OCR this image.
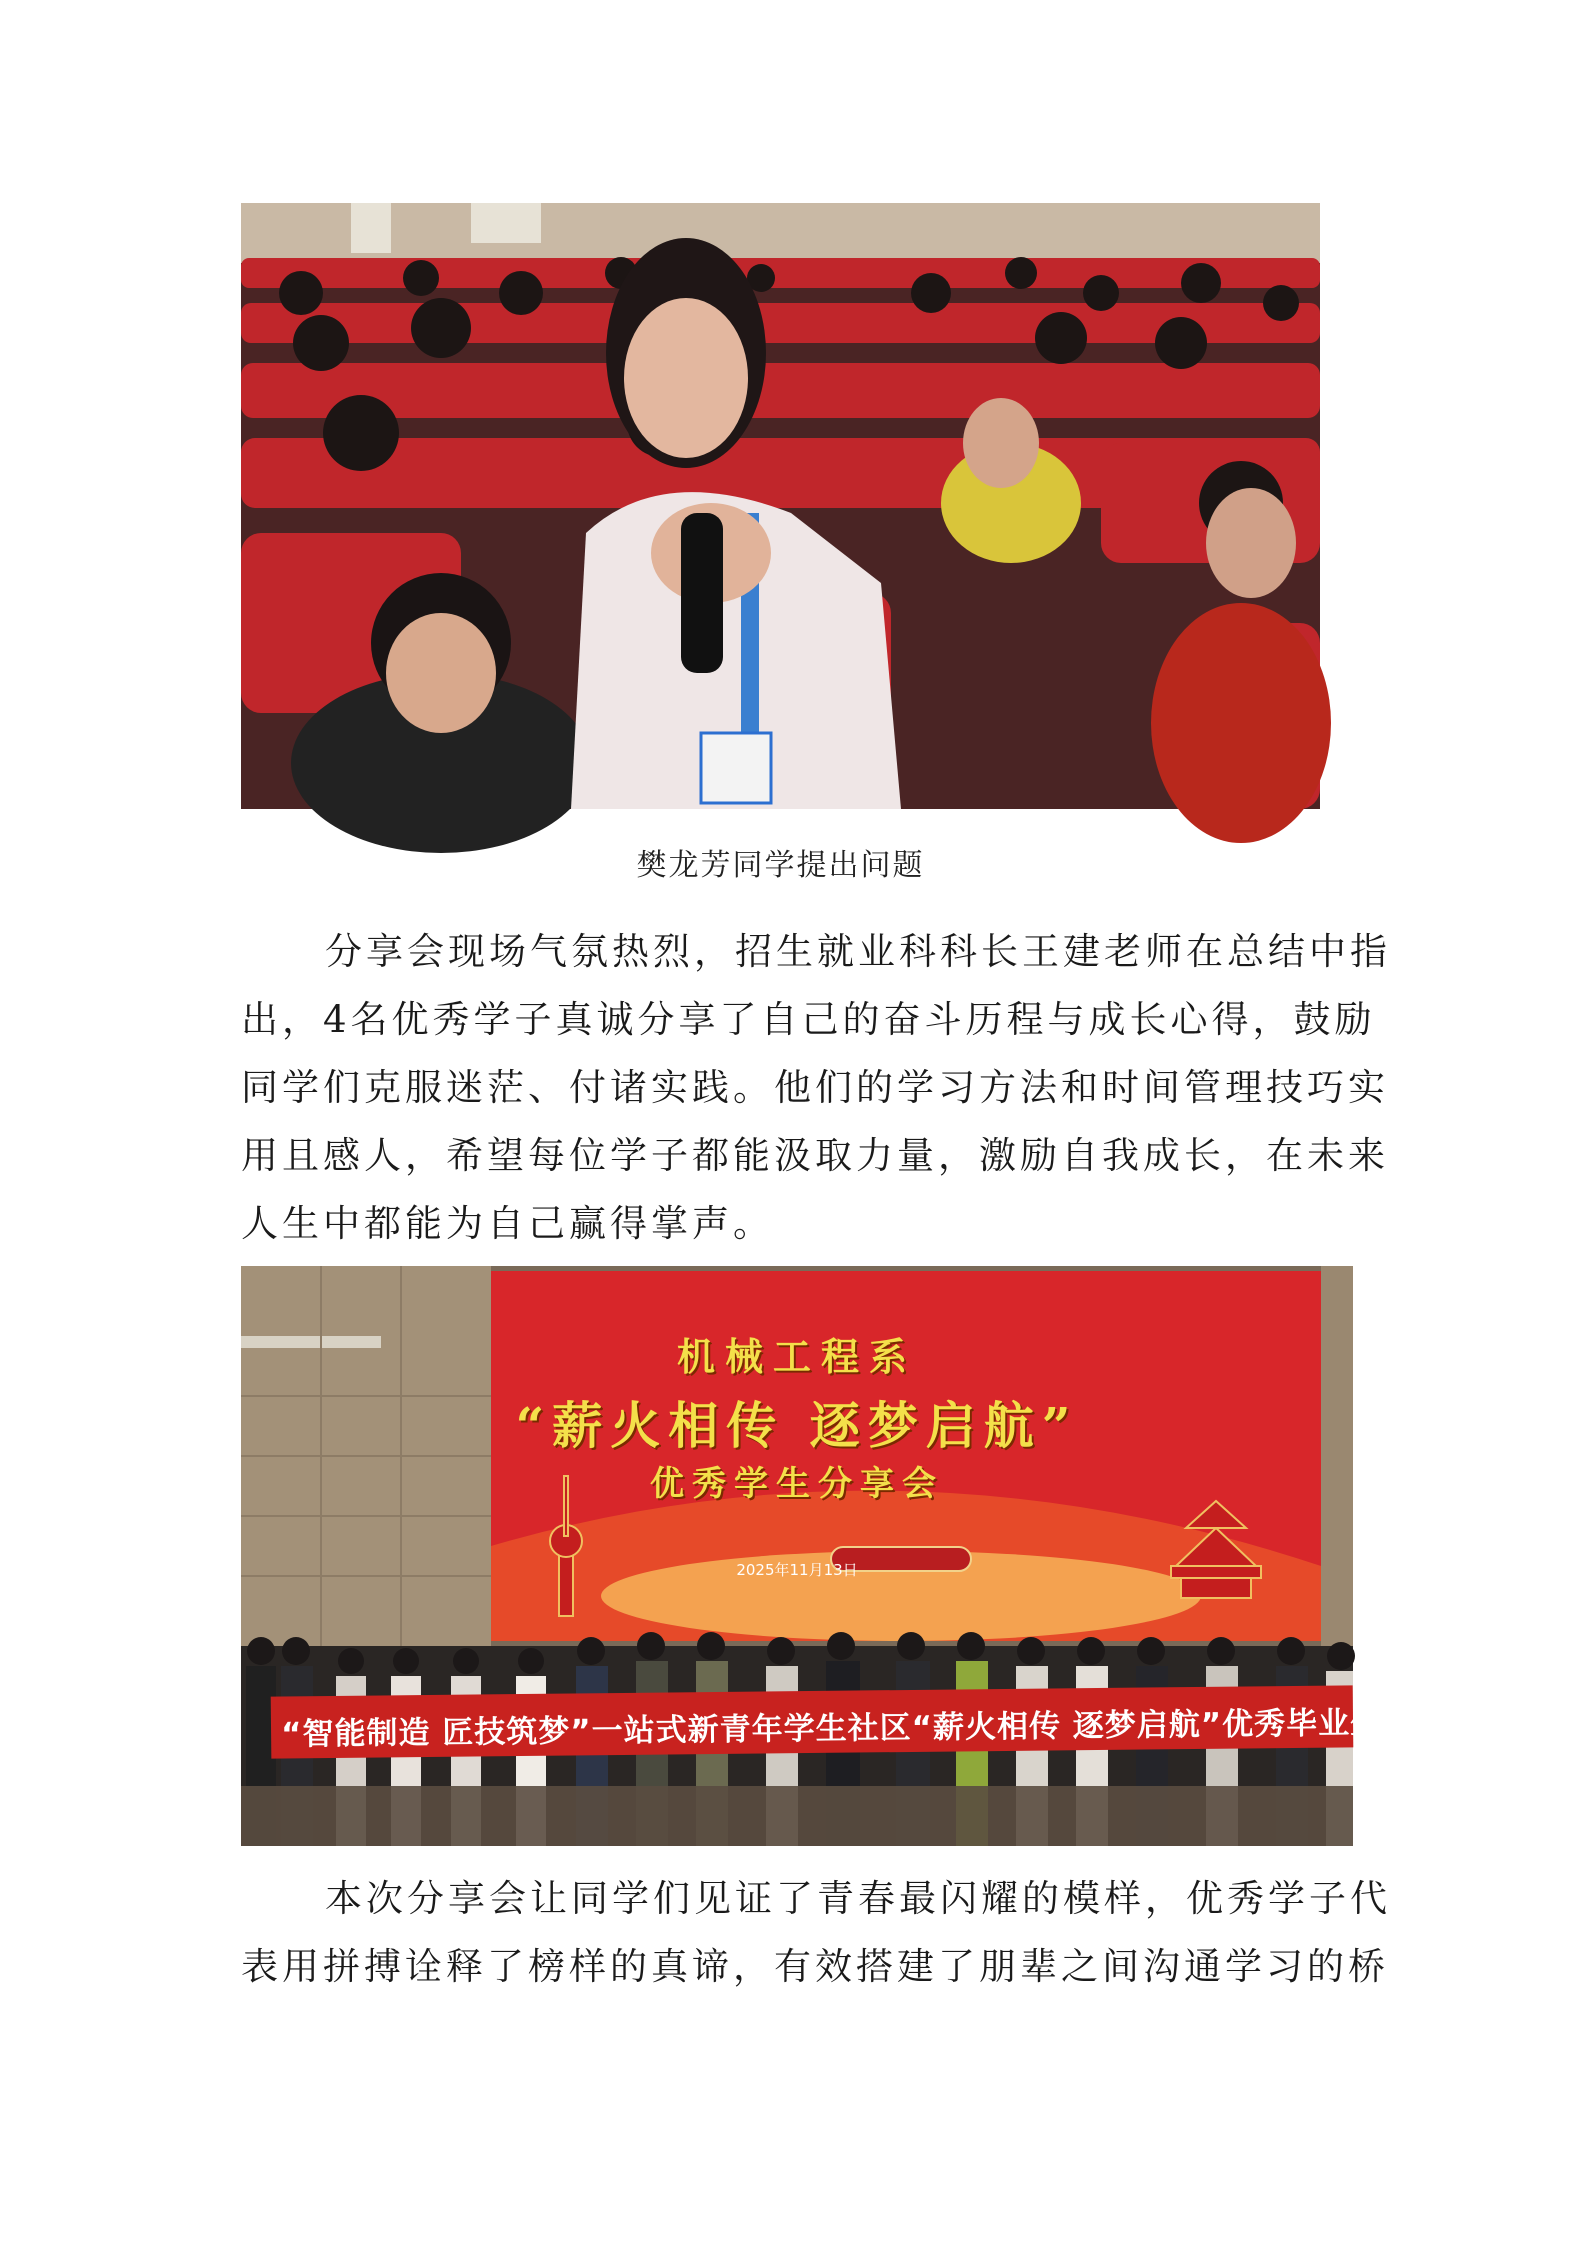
樊龙芳同学提出问题
分享会现场气氛热烈，招生就业科科长王建老师在总结中指
出，4名优秀学子真诚分享了自己的奋斗历程与成长心得，鼓励
同学们克服迷茫、付诸实践。他们的学习方法和时间管理技巧实
用且感人，希望每位学子都能汲取力量，激励自我成长，在未来
人生中都能为自己赢得掌声。
机械工程系
“薪火相传 逐梦启航”
优秀学生分享会
2025年11月13日
“智能制造 匠技筑梦”一站式新青年学生社区“薪火相传 逐梦启航”优秀毕业生分享会
本次分享会让同学们见证了青春最闪耀的模样，优秀学子代
表用拼搏诠释了榜样的真谛，有效搭建了朋辈之间沟通学习的桥
